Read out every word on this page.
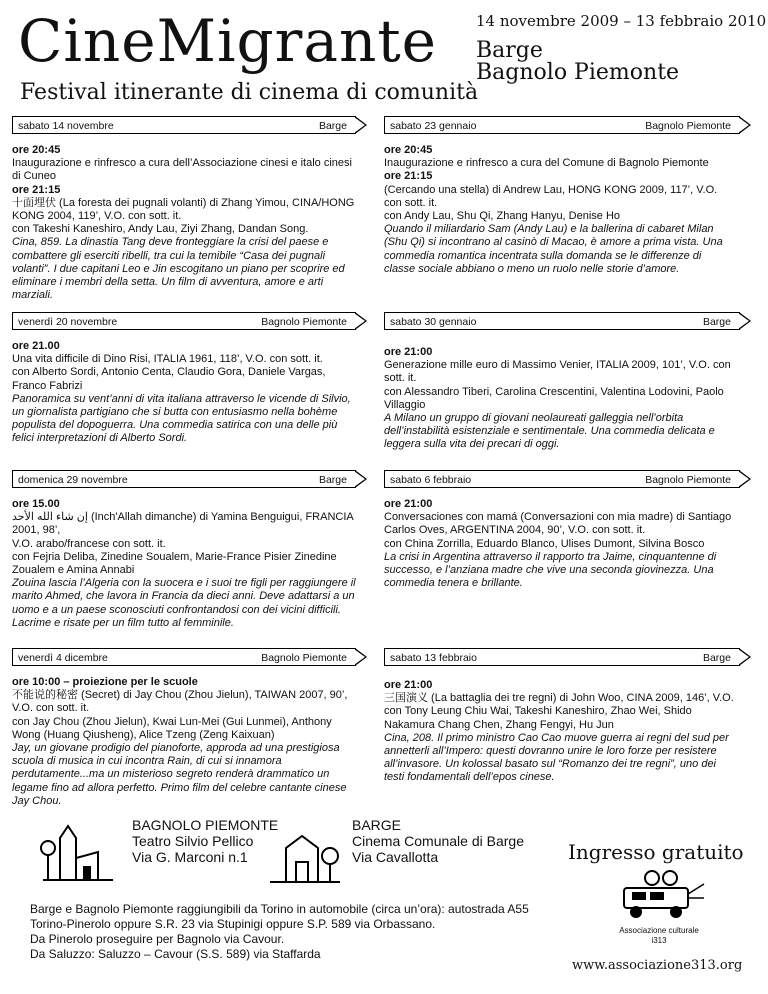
CineMigrante
Festival itinerante di cinema di comunità
14 novembre 2009 – 13 febbraio 2010
Barge
Bagnolo Piemonte
sabato 14 novembre	Barge
ore 20:45
Inaugurazione e rinfresco a cura dell’Associazione cinesi e italo cinesi di Cuneo
ore 21:15
十面埋伏 (La foresta dei pugnali volanti) di Zhang Yimou, CINA/HONG KONG 2004, 119’, V.O. con sott. it.
con Takeshi Kaneshiro, Andy Lau, Ziyi Zhang, Dandan Song.
Cina, 859. La dinastia Tang deve fronteggiare la crisi del paese e combattere gli eserciti ribelli, tra cui la temibile “Casa dei pugnali volanti”. I due capitani Leo e Jin escogitano un piano per scoprire ed eliminare i membri della setta. Un film di avventura, amore e arti marziali.
venerdì 20 novembre	Bagnolo Piemonte
ore 21.00
Una vita difficile di Dino Risi, ITALIA 1961, 118’, V.O. con sott. it.
con Alberto Sordi, Antonio Centa, Claudio Gora, Daniele Vargas, Franco Fabrizi
Panoramica su vent’anni di vita italiana attraverso le vicende di Silvio, un giornalista partigiano che si butta con entusiasmo nella bohème populista del dopoguerra. Una commedia satirica con una delle più felici interpretazioni di Alberto Sordi.
domenica 29 novembre	Barge
ore 15.00
إن شاء الله الأحد (Inch'Allah dimanche) di Yamina Benguigui, FRANCIA 2001, 98’,
V.O. arabo/francese con sott. it.
con Fejria Deliba, Zinedine Soualem, Marie-France Pisier Zinedine Zoualem e Amina Annabi
Zouina lascia l’Algeria con la suocera e i suoi tre figli per raggiungere il marito Ahmed, che lavora in Francia da dieci anni. Deve adattarsi a un uomo e a un paese sconosciuti confrontandosi con dei vicini difficili. Lacrime e risate per un film tutto al femminile.
venerdì 4 dicembre	Bagnolo Piemonte
ore 10:00 – proiezione per le scuole
不能说的秘密 (Secret) di Jay Chou (Zhou Jielun), TAIWAN 2007, 90’, V.O. con sott. it.
con Jay Chou (Zhou Jielun), Kwai Lun-Mei (Gui Lunmei), Anthony Wong (Huang Qiusheng), Alice Tzeng (Zeng Kaixuan)
Jay, un giovane prodigio del pianoforte, approda ad una prestigiosa scuola di musica in cui incontra Rain, di cui si innamora perdutamente...ma un misterioso segreto renderà drammatico un legame fino ad allora perfetto. Primo film del celebre cantante cinese Jay Chou.
sabato 23 gennaio	Bagnolo Piemonte
ore 20:45
Inaugurazione e rinfresco a cura del Comune di Bagnolo Piemonte
ore 21:15
(Cercando una stella) di Andrew Lau, HONG KONG 2009, 117’, V.O. con sott. it.
con Andy Lau, Shu Qi, Zhang Hanyu, Denise Ho
Quando il miliardario Sam (Andy Lau) e la ballerina di cabaret Milan (Shu Qi) si incontrano al casinò di Macao, è amore a prima vista. Una commedia romantica incentrata sulla domanda se le differenze di classe sociale abbiano o meno un ruolo nelle storie d’amore.
sabato 30 gennaio	Barge
ore 21:00
Generazione mille euro di Massimo Venier, ITALIA 2009, 101’, V.O. con sott. it.
con Alessandro Tiberi, Carolina Crescentini, Valentina Lodovini, Paolo Villaggio
A Milano un gruppo di giovani neolaureati galleggia nell’orbita dell’instabilità esistenziale e sentimentale. Una commedia delicata e leggera sulla vita dei precari di oggi.
sabato 6 febbraio	Bagnolo Piemonte
ore 21:00
Conversaciones con mamá (Conversazioni con mia madre) di Santiago Carlos Oves, ARGENTINA 2004, 90’, V.O. con sott. it.
con China Zorrilla, Eduardo Blanco, Ulises Dumont, Silvina Bosco
La crisi in Argentina attraverso il rapporto tra Jaime, cinquantenne di successo, e l’anziana madre che vive una seconda giovinezza. Una commedia tenera e brillante.
sabato 13 febbraio	Barge
ore 21:00
三国演义 (La battaglia dei tre regni) di John Woo, CINA 2009, 146’, V.O. con Tony Leung Chiu Wai, Takeshi Kaneshiro, Zhao Wei, Shido Nakamura Chang Chen, Zhang Fengyi, Hu Jun
Cina, 208. Il primo ministro Cao Cao muove guerra ai regni del sud per annetterli all’Impero: questi dovranno unire le loro forze per resistere all’invasore. Un kolossal basato sul “Romanzo dei tre regni”, uno dei testi fondamentali dell’epos cinese.
BAGNOLO PIEMONTE
Teatro Silvio Pellico
Via G. Marconi n.1
BARGE
Cinema Comunale di Barge
Via Cavallotta	Ingresso gratuito
Barge e Bagnolo Piemonte raggiungibili da Torino in automobile (circa un’ora): autostrada A55
Torino-Pinerolo oppure S.R. 23 via Stupinigi oppure S.P. 589 via Orbassano.
Da Pinerolo proseguire per Bagnolo via Cavour.
Da Saluzzo: Saluzzo – Cavour (S.S. 589) via Staffarda
Associazione culturale
i313
www.associazione313.org
